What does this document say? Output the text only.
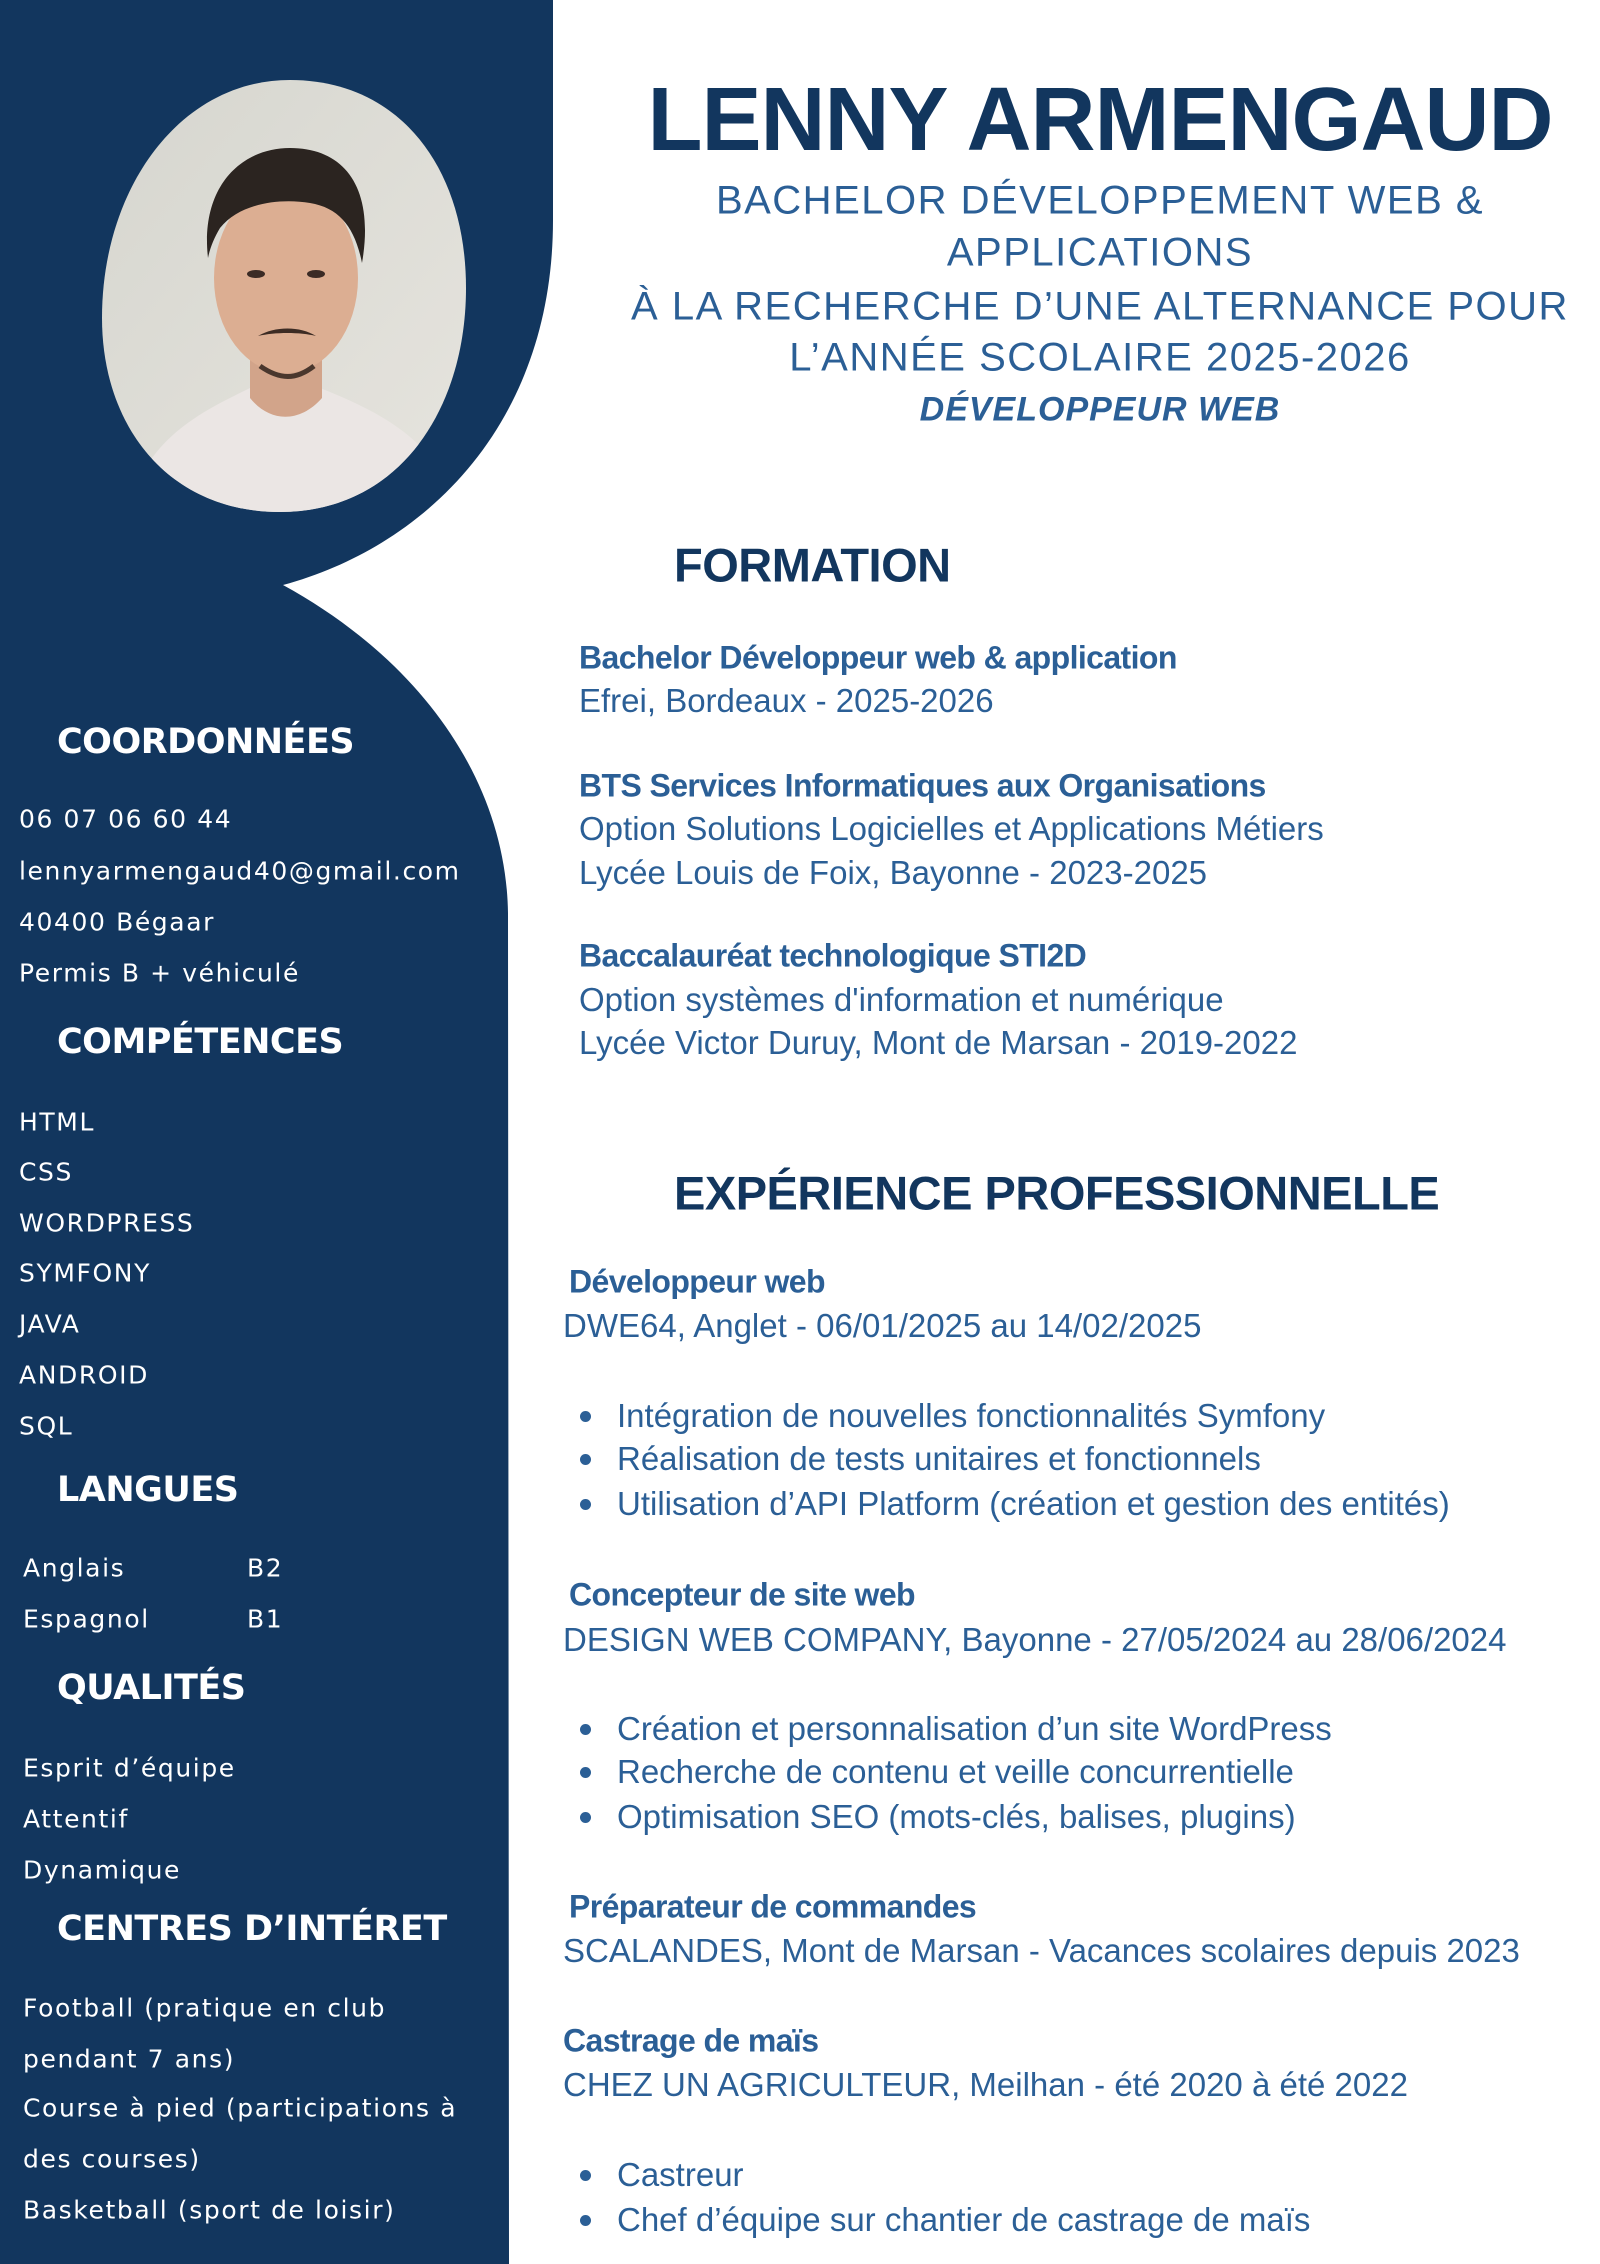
LENNY ARMENGAUD
BACHELOR DÉVELOPPEMENT WEB &
APPLICATIONS
À LA RECHERCHE D’UNE ALTERNANCE POUR
L’ANNÉE SCOLAIRE 2025-2026
DÉVELOPPEUR WEB
COORDONNÉES
06 07 06 60 44
lennyarmengaud40@gmail.com
40400 Bégaar
Permis B + véhiculé
COMPÉTENCES
HTML
CSS
WORDPRESS
SYMFONY
JAVA
ANDROID
SQL
LANGUES
Anglais	B2
Espagnol	B1
QUALITÉS
Esprit d’équipe
Attentif
Dynamique
CENTRES D’INTÉRET
Football (pratique en club
pendant 7 ans)
Course à pied (participations à
des courses)
Basketball (sport de loisir)
FORMATION
Bachelor Développeur web & application
Efrei, Bordeaux - 2025-2026
BTS Services Informatiques aux Organisations
Option Solutions Logicielles et Applications Métiers
Lycée Louis de Foix, Bayonne - 2023-2025
Baccalauréat technologique STI2D
Option systèmes d'information et numérique
Lycée Victor Duruy, Mont de Marsan - 2019-2022
EXPÉRIENCE PROFESSIONNELLE
Développeur web
DWE64, Anglet - 06/01/2025 au 14/02/2025
Intégration de nouvelles fonctionnalités Symfony
Réalisation de tests unitaires et fonctionnels
Utilisation d’API Platform (création et gestion des entités)
Concepteur de site web
DESIGN WEB COMPANY, Bayonne - 27/05/2024 au 28/06/2024
Création et personnalisation d’un site WordPress
Recherche de contenu et veille concurrentielle
Optimisation SEO (mots-clés, balises, plugins)
Préparateur de commandes
SCALANDES, Mont de Marsan - Vacances scolaires depuis 2023
Castrage de maïs
CHEZ UN AGRICULTEUR, Meilhan - été 2020 à été 2022
Castreur
Chef d’équipe sur chantier de castrage de maïs
